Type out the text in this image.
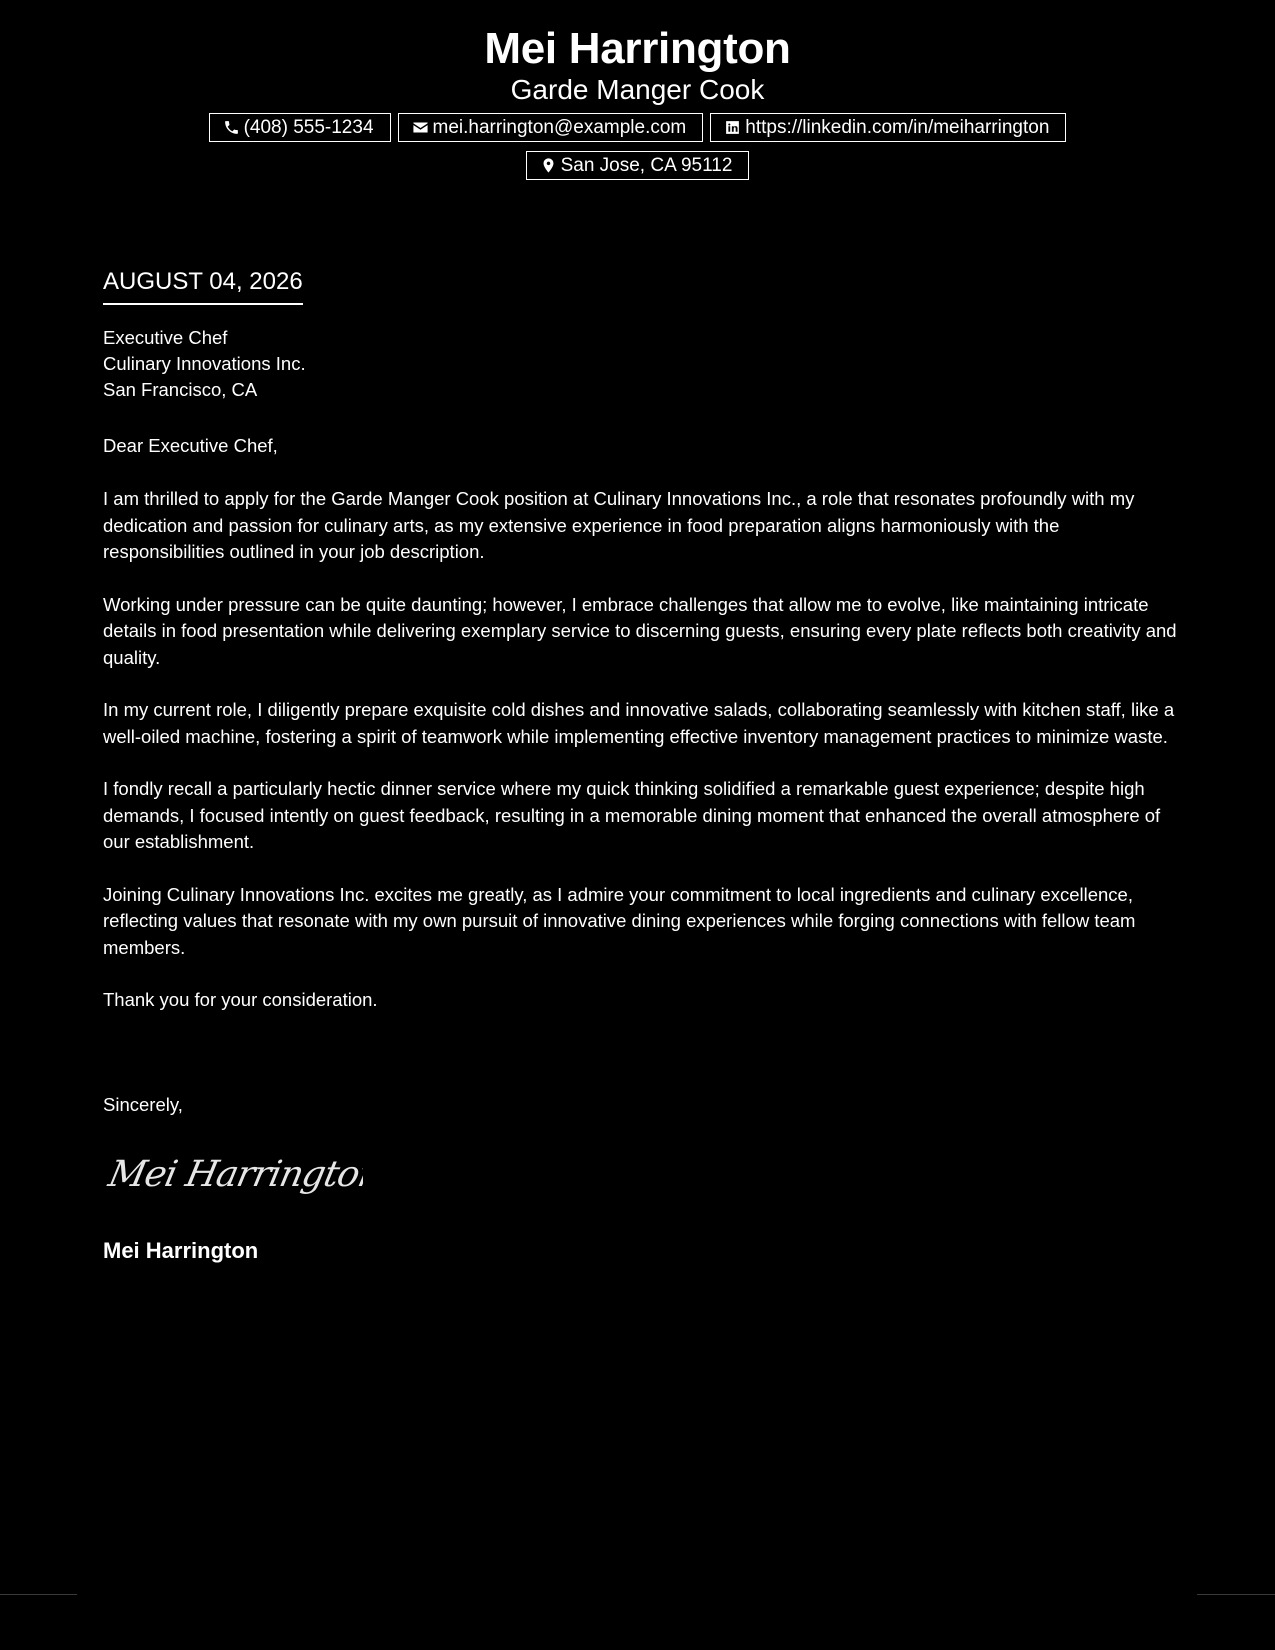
Mei Harrington
Garde Manger Cook
(408) 555-1234	mei.harrington@example.com	https://linkedin.com/in/meiharrington
San Jose, CA 95112
AUGUST 04, 2026
Executive Chef
Culinary Innovations Inc.
San Francisco, CA
Dear Executive Chef,

I am thrilled to apply for the Garde Manger Cook position at Culinary Innovations Inc., a role that resonates profoundly with my dedication and passion for culinary arts, as my extensive experience in food preparation aligns harmoniously with the responsibilities outlined in your job description.

Working under pressure can be quite daunting; however, I embrace challenges that allow me to evolve, like maintaining intricate details in food presentation while delivering exemplary service to discerning guests, ensuring every plate reflects both creativity and quality.

In my current role, I diligently prepare exquisite cold dishes and innovative salads, collaborating seamlessly with kitchen staff, like a well-oiled machine, fostering a spirit of teamwork while implementing effective inventory management practices to minimize waste.

I fondly recall a particularly hectic dinner service where my quick thinking solidified a remarkable guest experience; despite high demands, I focused intently on guest feedback, resulting in a memorable dining moment that enhanced the overall atmosphere of our establishment.

Joining Culinary Innovations Inc. excites me greatly, as I admire your commitment to local ingredients and culinary excellence, reflecting values that resonate with my own pursuit of innovative dining experiences while forging connections with fellow team members.

Thank you for your consideration.

Sincerely,
Mei Harrington
Mei Harrington
